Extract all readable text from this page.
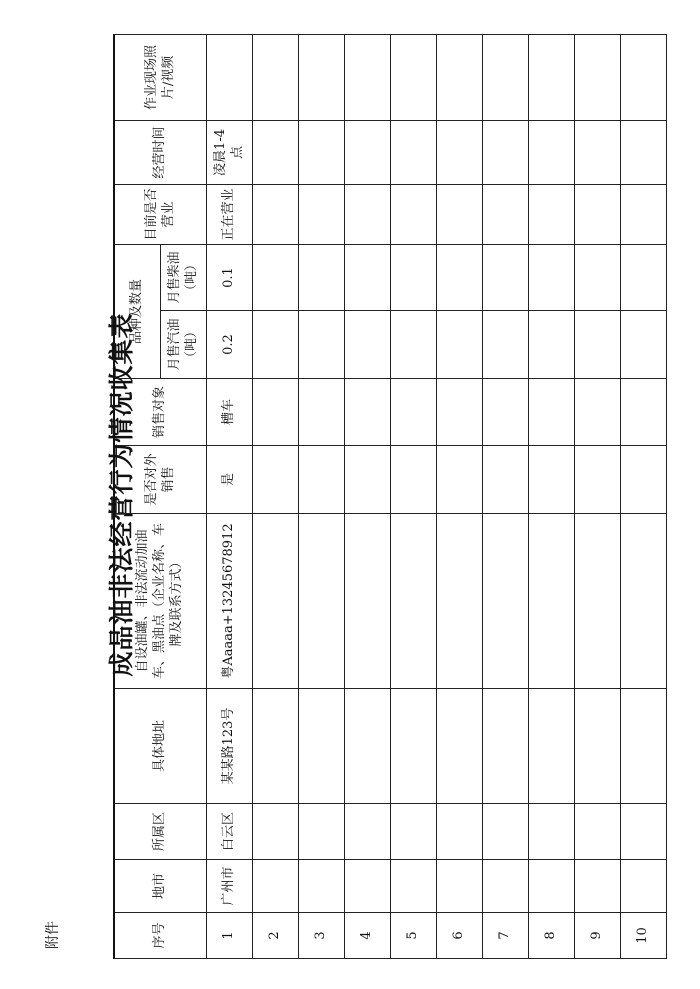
附件
成品油非法经营行为情况收集表
序号	地市	所属区	具体地址	自设油罐、非法流动加油车、黑油点（企业名称、车牌及联系方式）	是否对外销售	销售对象	品种及数量		目前是否营业	经营时间	作业现场照片/视频
							月售汽油（吨）	月售柴油（吨）			
1	广州市	白云区	某某路123号	粤Aaaaa+13245678912	是	槽车	0.2	0.1	正在营业	凌晨1-4点	
2											
3											
4											
5											
6											
7											
8											
9											
10											
